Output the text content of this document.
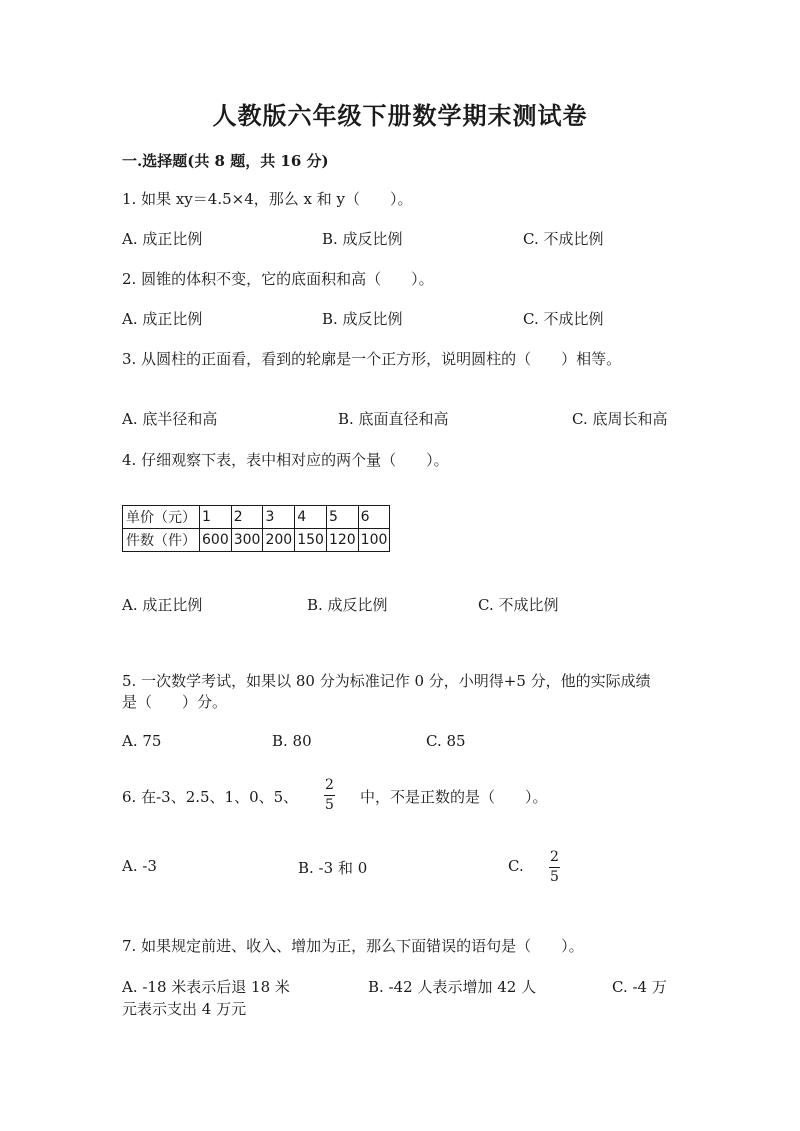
人教版六年级下册数学期末测试卷
一.选择题(共 8 题，共 16 分)
1. 如果 xy＝4.5×4，那么 x 和 y（　　）。
A. 成正比例	B. 成反比例	C. 不成比例
2. 圆锥的体积不变，它的底面积和高（　　）。
A. 成正比例	B. 成反比例	C. 不成比例
3. 从圆柱的正面看，看到的轮廓是一个正方形，说明圆柱的（　　）相等。
A. 底半径和高	B. 底面直径和高	C. 底周长和高
4. 仔细观察下表，表中相对应的两个量（　　）。
单价（元）	1	2	3	4	5	6
件数（件）	600	300	200	150	120	100
A. 成正比例	B. 成反比例	C. 不成比例
5. 一次数学考试，如果以 80 分为标准记作 0 分，小明得+5 分，他的实际成绩
是（　　）分。
A. 75	B. 80	C. 85
6. 在-3、2.5、1、0、5、
2
5 中，不是正数的是（　　）。
A. -3	B. -3 和 0	C. 2
5
7. 如果规定前进、收入、增加为正，那么下面错误的语句是（　　）。
A. -18 米表示后退 18 米	B. -42 人表示增加 42 人	C. -4 万
元表示支出 4 万元
